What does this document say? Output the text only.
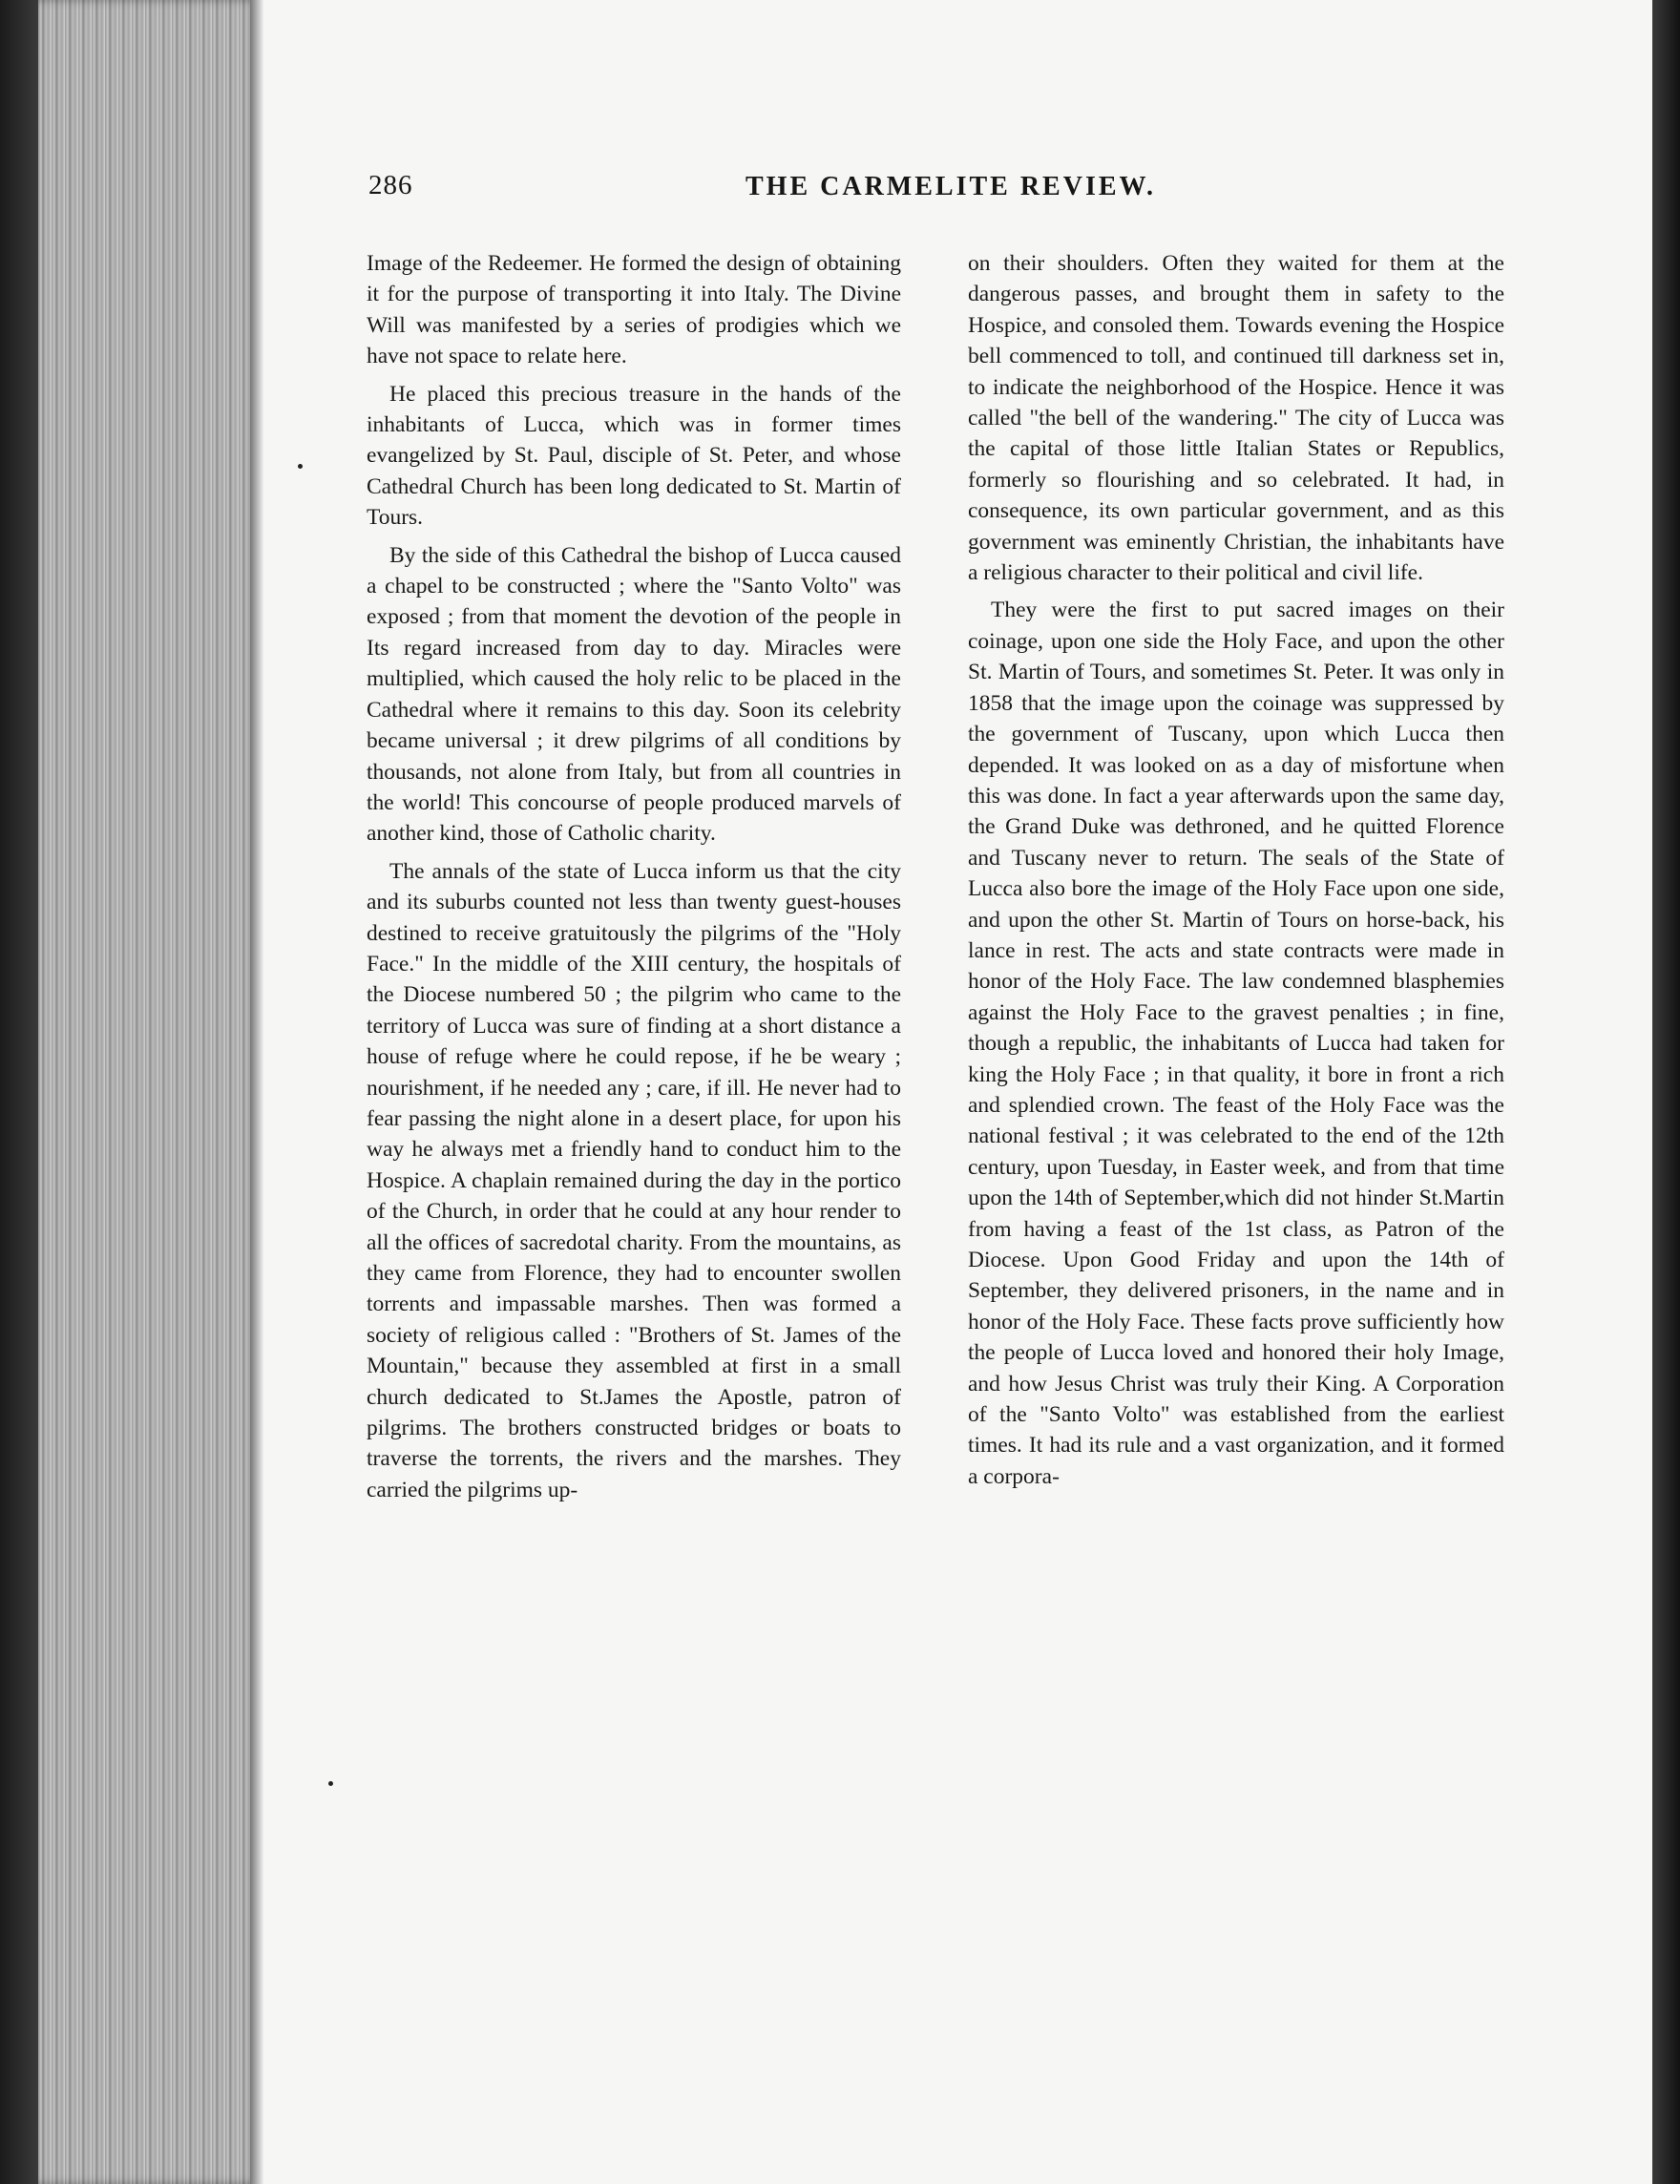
286	THE CARMELITE REVIEW.

Image of the Redeemer. He formed the design of obtaining it for the purpose of transporting it into Italy. The Divine Will was manifested by a series of prodigies which we have not space to relate here.

He placed this precious treasure in the hands of the inhabitants of Lucca, which was in former times evangelized by St. Paul, disciple of St. Peter, and whose Cathedral Church has been long dedicated to St. Martin of Tours.

By the side of this Cathedral the bishop of Lucca caused a chapel to be constructed ; where the "Santo Volto" was exposed ; from that moment the devotion of the people in Its regard increased from day to day. Miracles were multiplied, which caused the holy relic to be placed in the Cathedral where it remains to this day. Soon its celebrity became universal ; it drew pilgrims of all conditions by thousands, not alone from Italy, but from all countries in the world! This concourse of people produced marvels of another kind, those of Catholic charity.

The annals of the state of Lucca inform us that the city and its suburbs counted not less than twenty guest-houses destined to receive gratuitously the pilgrims of the "Holy Face." In the middle of the XIII century, the hospitals of the Diocese numbered 50 ; the pilgrim who came to the territory of Lucca was sure of finding at a short distance a house of refuge where he could repose, if he be weary ; nourishment, if he needed any ; care, if ill. He never had to fear passing the night alone in a desert place, for upon his way he always met a friendly hand to conduct him to the Hospice. A chaplain remained during the day in the portico of the Church, in order that he could at any hour render to all the offices of sacredotal charity. From the mountains, as they came from Florence, they had to encounter swollen torrents and impassable marshes. Then was formed a society of religious called : "Brothers of St. James of the Mountain," because they assembled at first in a small church dedicated to St.James the Apostle, patron of pilgrims. The brothers constructed bridges or boats to traverse the torrents, the rivers and the marshes. They carried the pilgrims up-

on their shoulders. Often they waited for them at the dangerous passes, and brought them in safety to the Hospice, and consoled them. Towards evening the Hospice bell commenced to toll, and continued till darkness set in, to indicate the neighborhood of the Hospice. Hence it was called "the bell of the wandering." The city of Lucca was the capital of those little Italian States or Republics, formerly so flourishing and so celebrated. It had, in consequence, its own particular government, and as this government was eminently Christian, the inhabitants have a religious character to their political and civil life.

They were the first to put sacred images on their coinage, upon one side the Holy Face, and upon the other St. Martin of Tours, and sometimes St. Peter. It was only in 1858 that the image upon the coinage was suppressed by the government of Tuscany, upon which Lucca then depended. It was looked on as a day of misfortune when this was done. In fact a year afterwards upon the same day, the Grand Duke was dethroned, and he quitted Florence and Tuscany never to return. The seals of the State of Lucca also bore the image of the Holy Face upon one side, and upon the other St. Martin of Tours on horse-back, his lance in rest. The acts and state contracts were made in honor of the Holy Face. The law condemned blasphemies against the Holy Face to the gravest penalties ; in fine, though a republic, the inhabitants of Lucca had taken for king the Holy Face ; in that quality, it bore in front a rich and splendied crown. The feast of the Holy Face was the national festival ; it was celebrated to the end of the 12th century, upon Tuesday, in Easter week, and from that time upon the 14th of September,which did not hinder St.Martin from having a feast of the 1st class, as Patron of the Diocese. Upon Good Friday and upon the 14th of September, they delivered prisoners, in the name and in honor of the Holy Face. These facts prove sufficiently how the people of Lucca loved and honored their holy Image, and how Jesus Christ was truly their King. A Corporation of the "Santo Volto" was established from the earliest times. It had its rule and a vast organization, and it formed a corpora-
